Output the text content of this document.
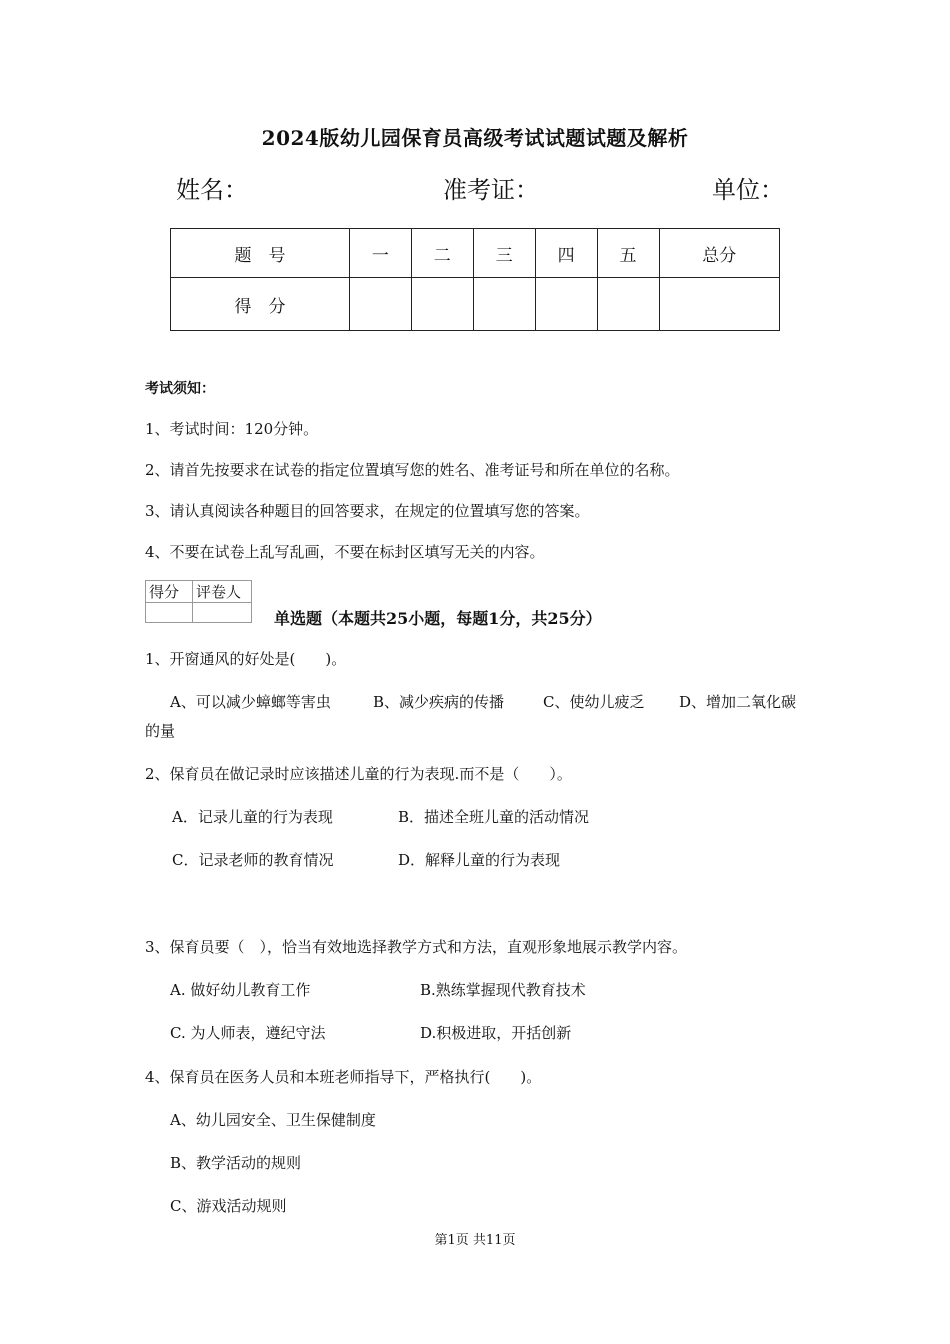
2024版幼儿园保育员高级考试试题试题及解析
姓名：	准考证：	单位：
题　号	一	二	三	四	五	总分
得　分						
考试须知：
1、考试时间：120分钟。
2、请首先按要求在试卷的指定位置填写您的姓名、准考证号和所在单位的名称。
3、请认真阅读各种题目的回答要求，在规定的位置填写您的答案。
4、不要在试卷上乱写乱画，不要在标封区填写无关的内容。
得分	评卷人

单选题（本题共25小题，每题1分，共25分）
1、开窗通风的好处是(　　)。
A、可以减少蟑螂等害虫	B、减少疾病的传播	C、使幼儿疲乏 D、增加二氧化碳
的量
2、保育员在做记录时应该描述儿童的行为表现.而不是（　　）。
A．记录儿童的行为表现	B．描述全班儿童的活动情况
C．记录老师的教育情况	D．解释儿童的行为表现
3、保育员要（　），恰当有效地选择教学方式和方法，直观形象地展示教学内容。
A. 做好幼儿教育工作	B.熟练掌握现代教育技术
C. 为人师表，遵纪守法	D.积极进取，开括创新
4、保育员在医务人员和本班老师指导下，严格执行(　　)。
A、幼儿园安全、卫生保健制度
B、教学活动的规则
C、游戏活动规则
第1页 共11页
